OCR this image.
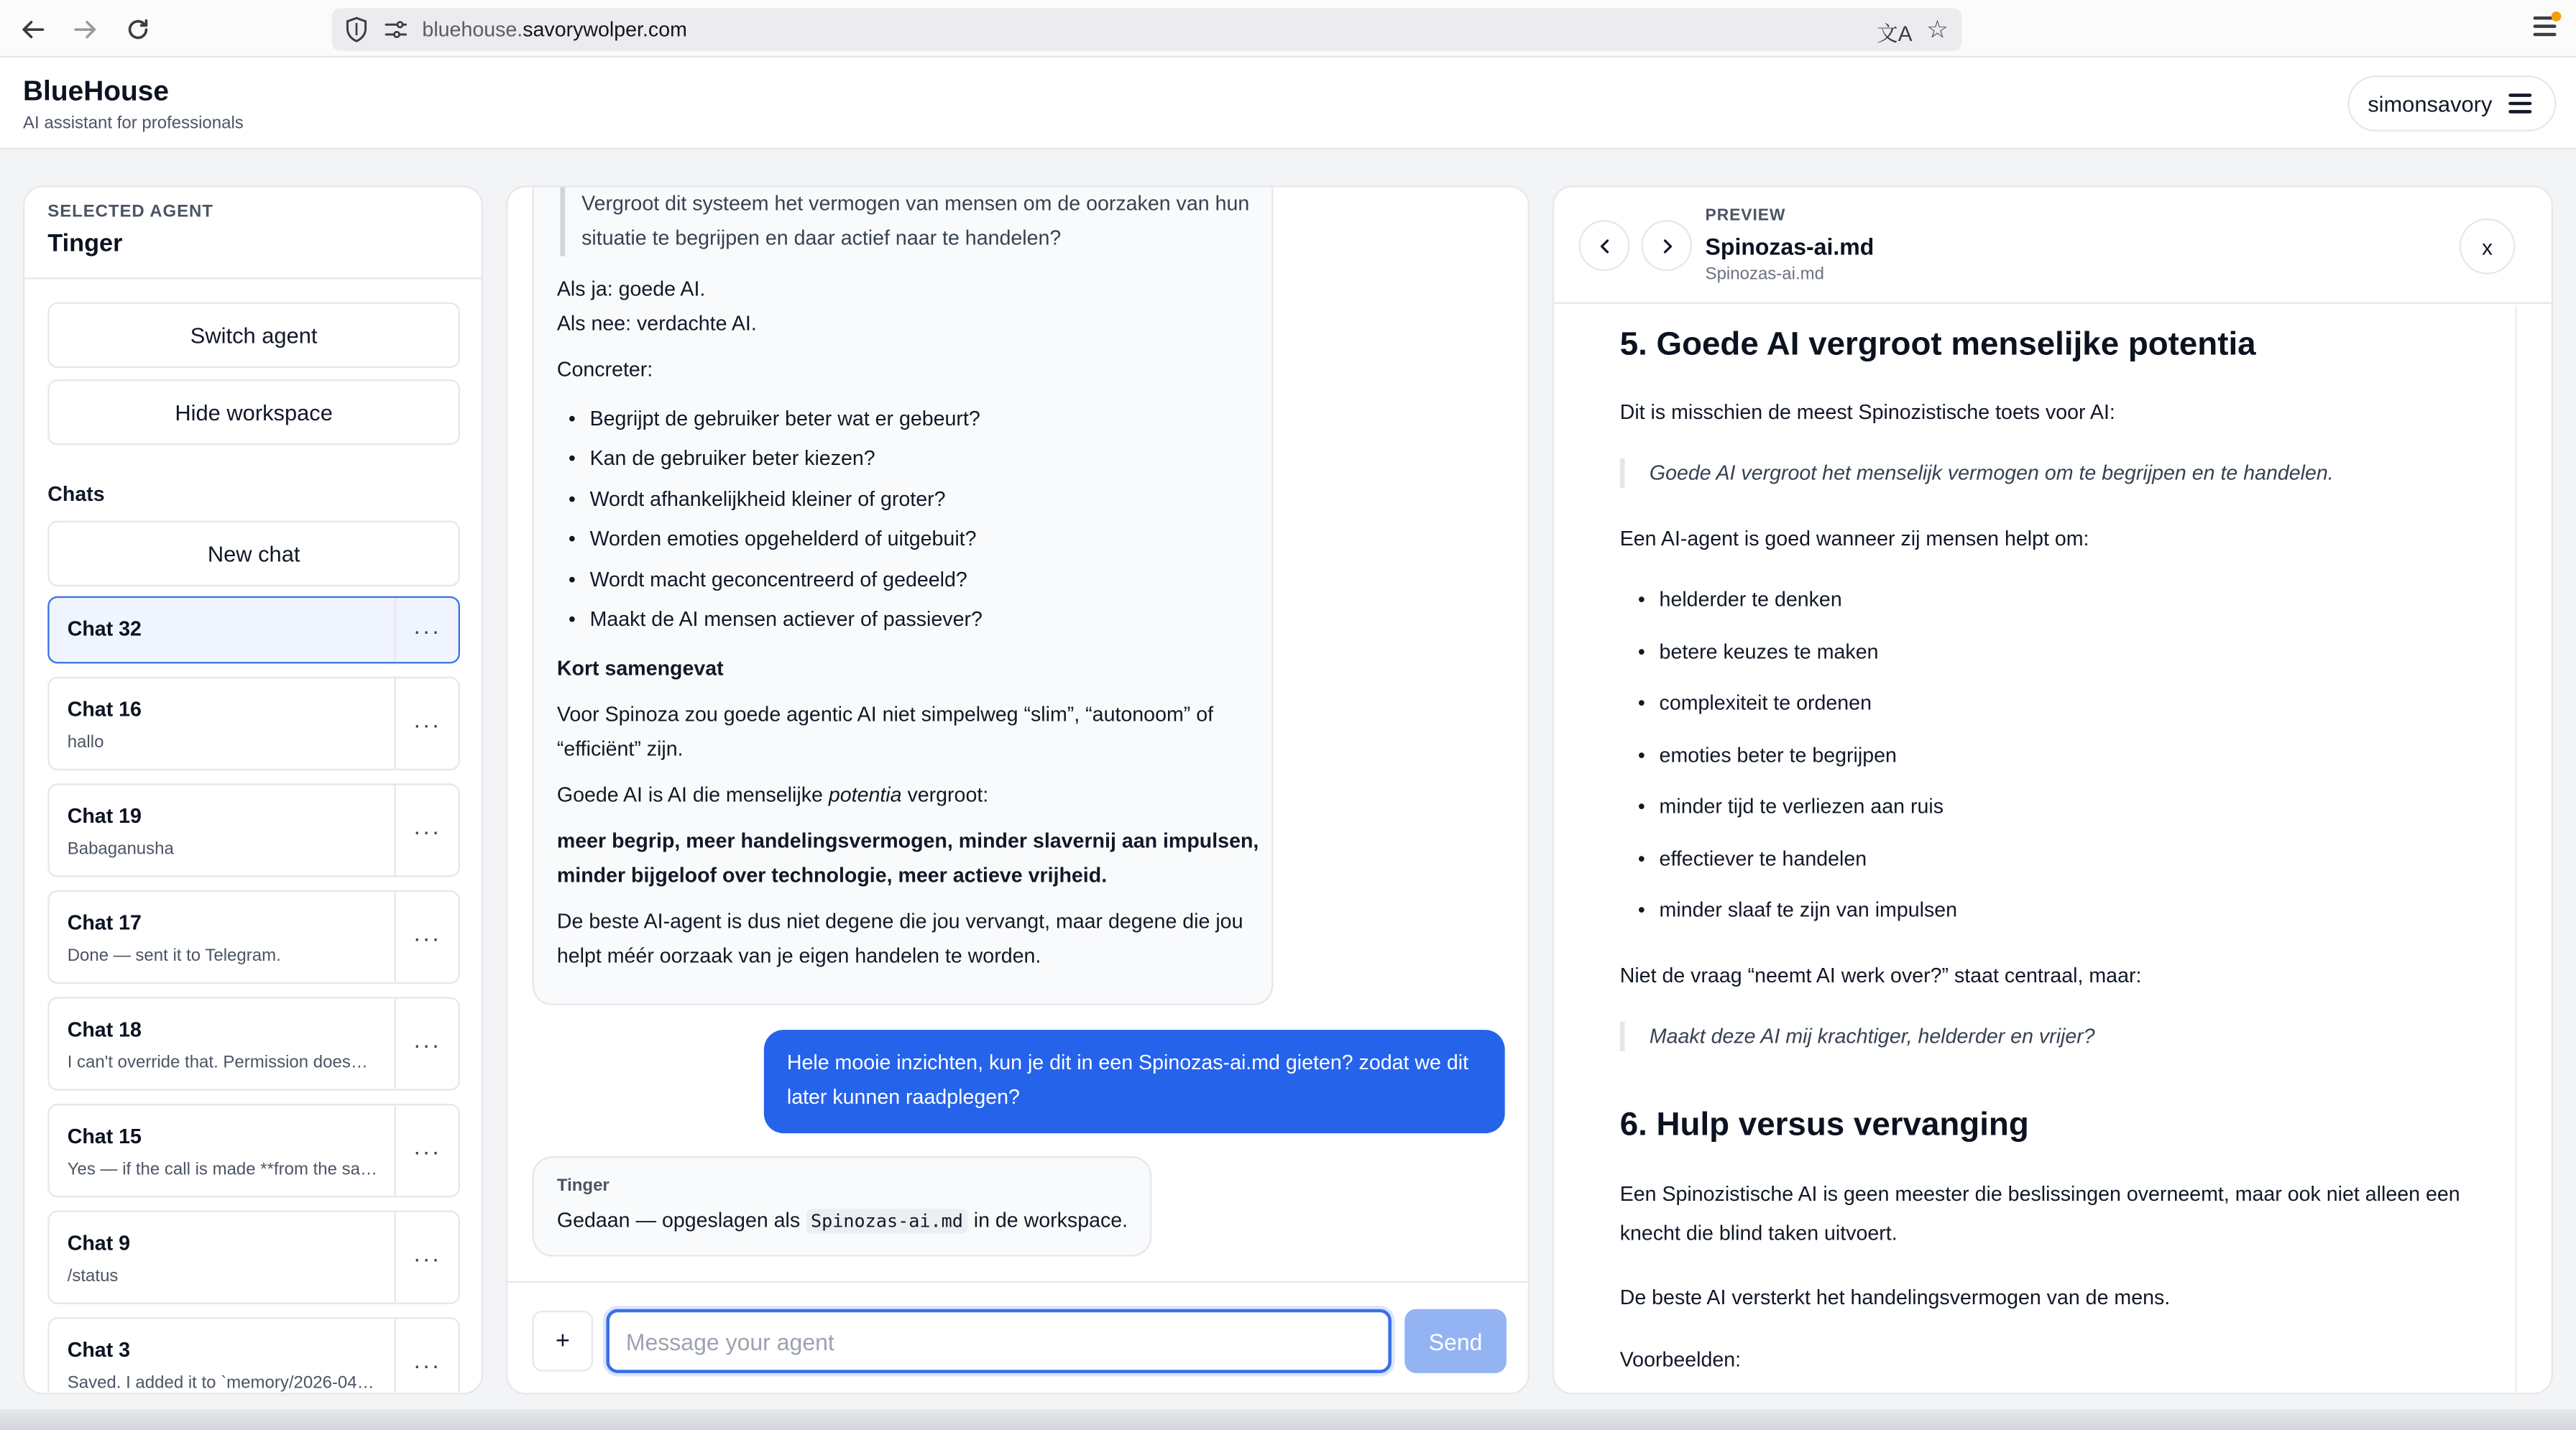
bluehouse.savorywolper.com	文A ☆
BlueHouse
AI assistant for professionals
simonsavory
SELECTED AGENT
Tinger
Switch agent
Hide workspace
Chats
New chat
Chat 32	···
Chat 16
hallo
···
Chat 19
Babaganusha
···
Chat 17
Done — sent it to Telegram.
···
Chat 18
I can't override that. Permission does…
···
Chat 15
Yes — if the call is made **from the sa…
···
Chat 9
/status
···
Chat 3
Saved. I added it to `memory/2026-04…
···
Vergroot dit systeem het vermogen van mensen om de oorzaken van hun situatie te begrijpen en daar actief naar te handelen?
Als ja: goede AI.
Als nee: verdachte AI.
Concreter:
• Begrijpt de gebruiker beter wat er gebeurt?
• Kan de gebruiker beter kiezen?
• Wordt afhankelijkheid kleiner of groter?
• Worden emoties opgehelderd of uitgebuit?
• Wordt macht geconcentreerd of gedeeld?
• Maakt de AI mensen actiever of passiever?
Kort samengevat
Voor Spinoza zou goede agentic AI niet simpelweg “slim”, “autonoom” of
“efficiënt” zijn.
Goede AI is AI die menselijke potentia vergroot:
meer begrip, meer handelingsvermogen, minder slavernij aan impulsen,
minder bijgeloof over technologie, meer actieve vrijheid.
De beste AI-agent is dus niet degene die jou vervangt, maar degene die jou
helpt méér oorzaak van je eigen handelen te worden.
Hele mooie inzichten, kun je dit in een Spinozas-ai.md gieten? zodat we dit later kunnen raadplegen?
Tinger
Gedaan — opgeslagen als Spinozas-ai.md in de workspace.
+
Message your agent	Send
PREVIEW
Spinozas-ai.md
Spinozas-ai.md
x
5. Goede AI vergroot menselijke potentia
Dit is misschien de meest Spinozistische toets voor AI:
Goede AI vergroot het menselijk vermogen om te begrijpen en te handelen.
Een AI-agent is goed wanneer zij mensen helpt om:
• helderder te denken
• betere keuzes te maken
• complexiteit te ordenen
• emoties beter te begrijpen
• minder tijd te verliezen aan ruis
• effectiever te handelen
• minder slaaf te zijn van impulsen
Niet de vraag “neemt AI werk over?” staat centraal, maar:
Maakt deze AI mij krachtiger, helderder en vrijer?
6. Hulp versus vervanging
Een Spinozistische AI is geen meester die beslissingen overneemt, maar ook niet alleen een
knecht die blind taken uitvoert.
De beste AI versterkt het handelingsvermogen van de mens.
Voorbeelden:
